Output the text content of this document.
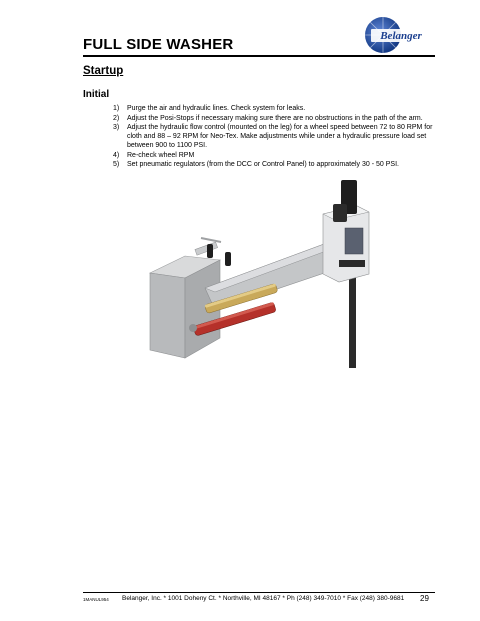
Belanger
FULL SIDE WASHER
Startup
Initial
1)	Purge the air and hydraulic lines. Check system for leaks.
2)	Adjust the Posi-Stops if necessary making sure there are no obstructions in the path of the arm.
3)	Adjust the hydraulic flow control (mounted on the leg) for a wheel speed between 72 to 80 RPM for cloth and 88 – 92 RPM for Neo-Tex. Make adjustments while under a hydraulic pressure load set between 900 to 1100 PSI.
4)	Re-check wheel RPM
5)	Set pneumatic regulators (from the DCC or Control Panel) to approximately 30 - 50 PSI.
1MANUL954 Belanger, Inc. * 1001 Doheny Ct. * Northville, MI 48167 * Ph (248) 349-7010 * Fax (248) 380-9681 29
